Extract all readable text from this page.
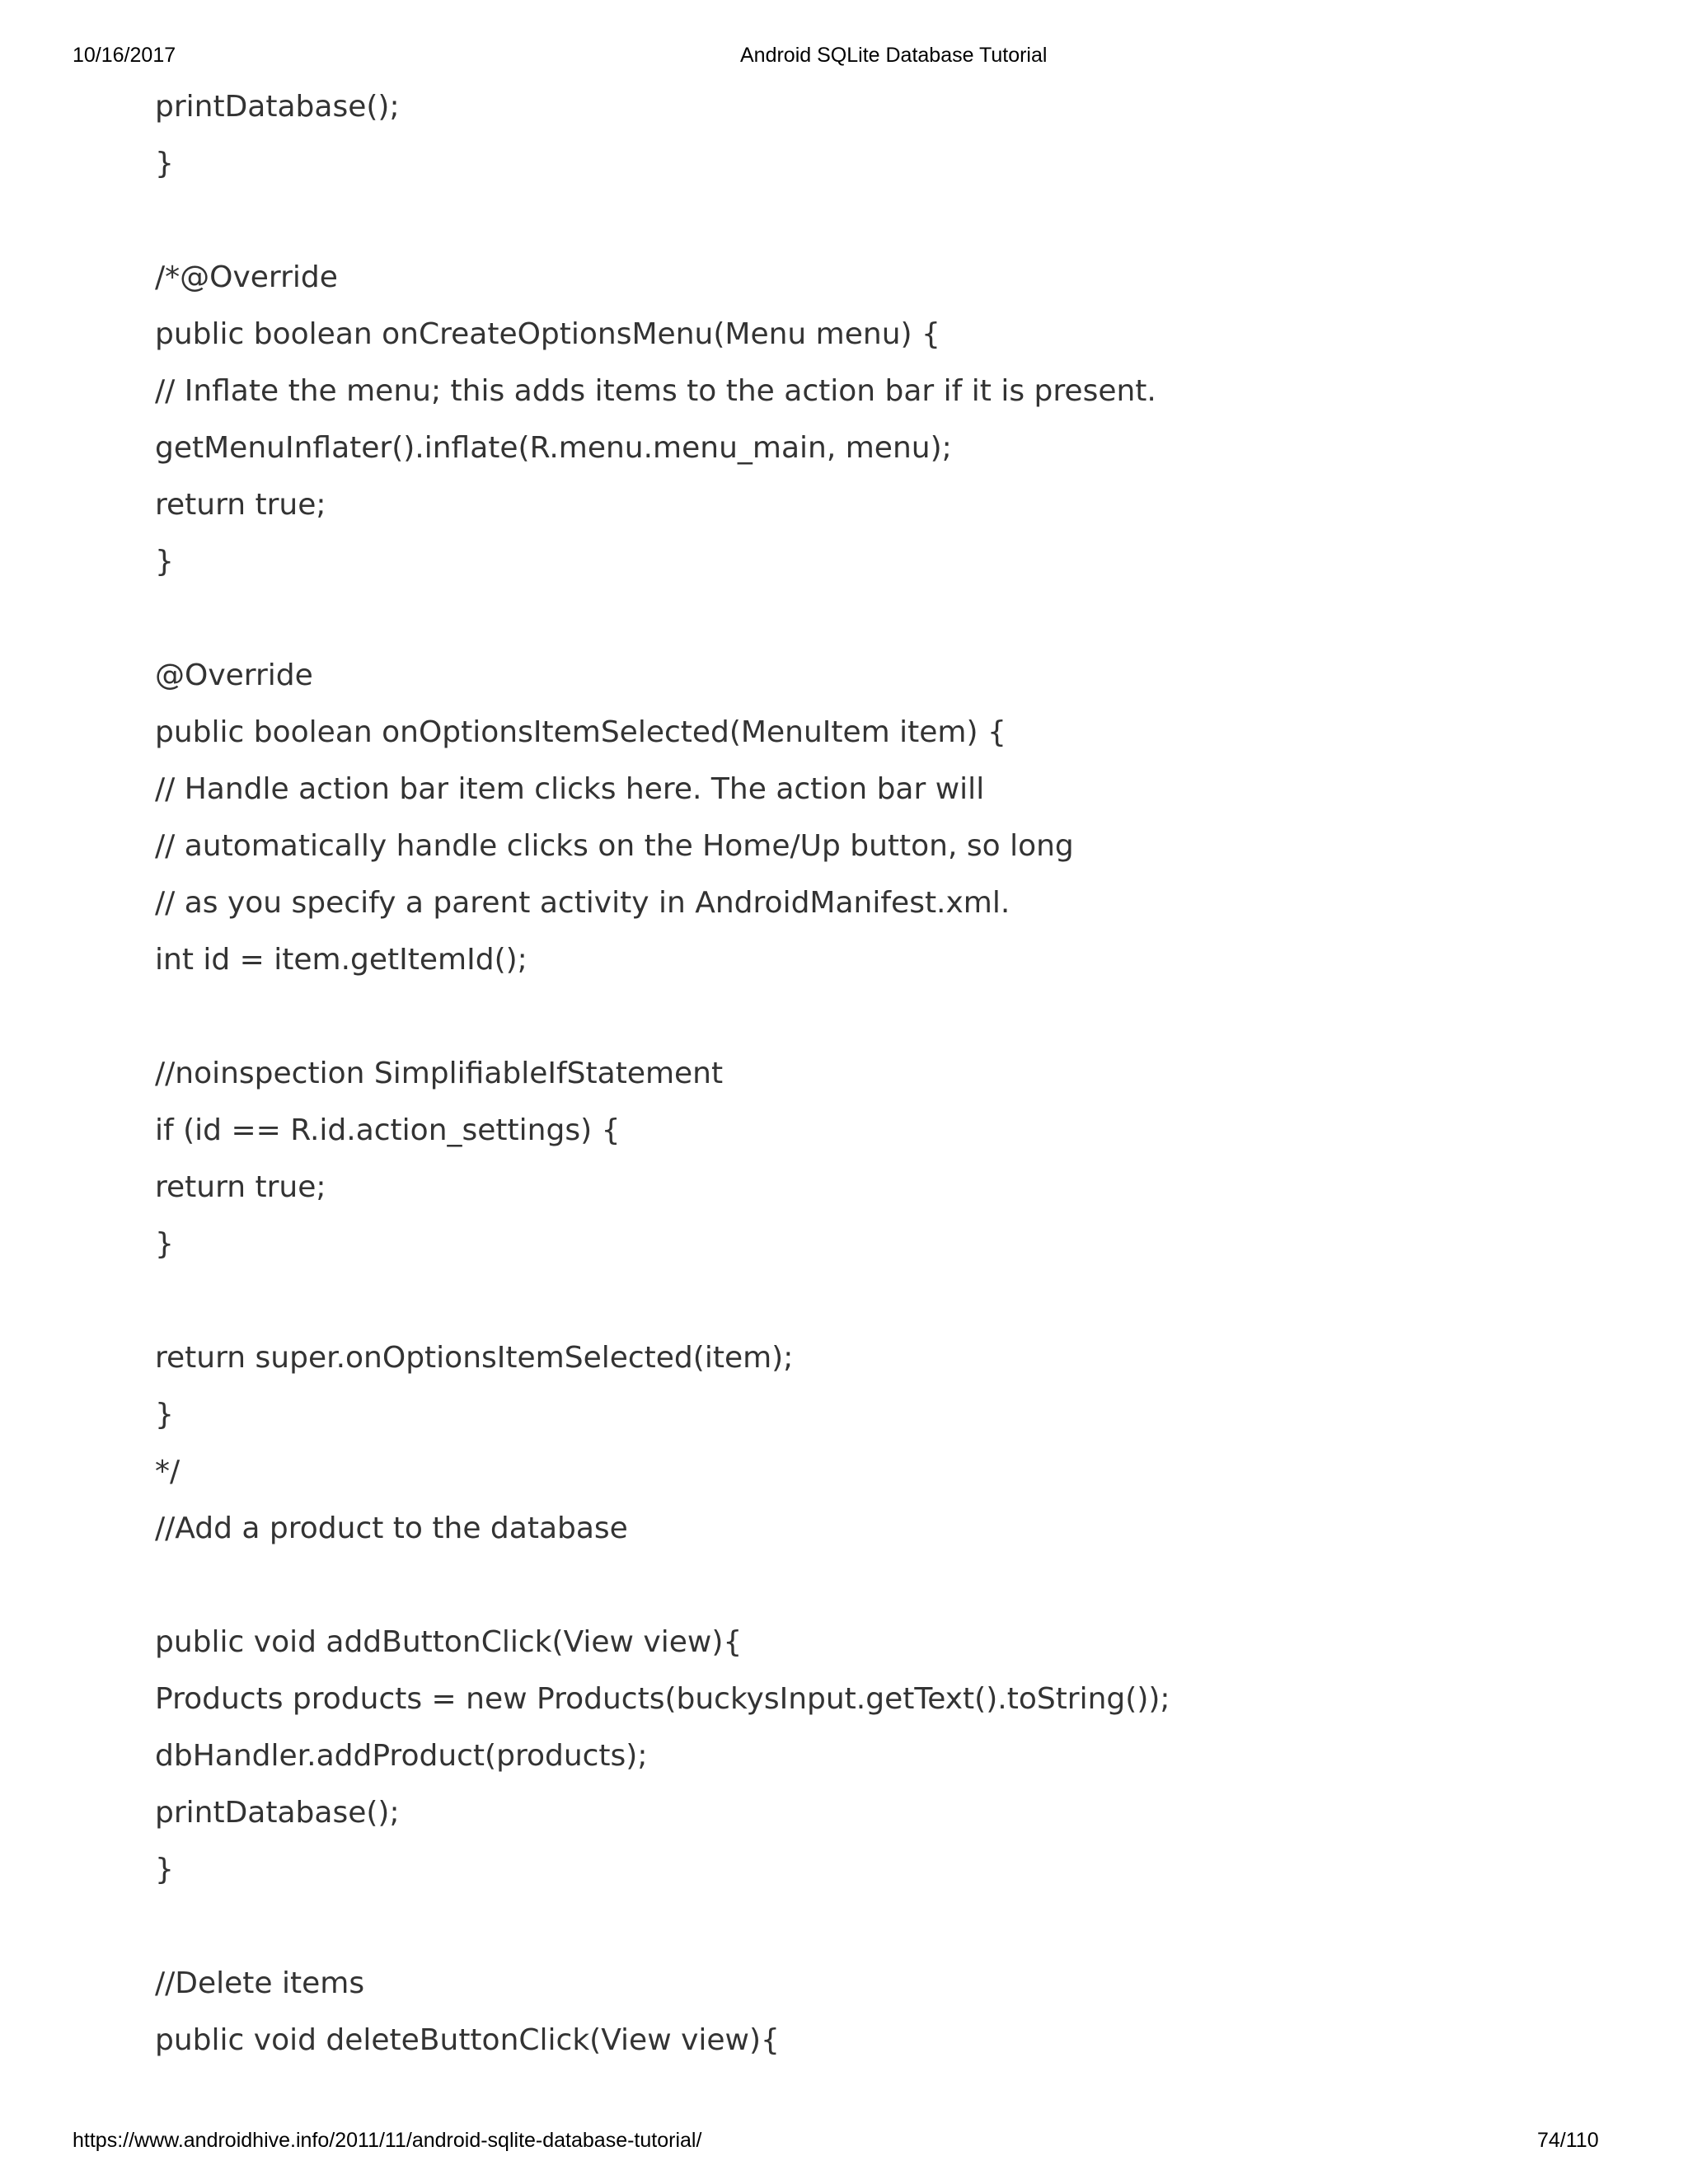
10/16/2017	Android SQLite Database Tutorial
printDatabase();
}
/*@Override
public boolean onCreateOptionsMenu(Menu menu) {
// Inflate the menu; this adds items to the action bar if it is present.
getMenuInflater().inflate(R.menu.menu_main, menu);
return true;
}
@Override
public boolean onOptionsItemSelected(MenuItem item) {
// Handle action bar item clicks here. The action bar will
// automatically handle clicks on the Home/Up button, so long
// as you specify a parent activity in AndroidManifest.xml.
int id = item.getItemId();
//noinspection SimplifiableIfStatement
if (id == R.id.action_settings) {
return true;
}
return super.onOptionsItemSelected(item);
}
*/
//Add a product to the database
public void addButtonClick(View view){
Products products = new Products(buckysInput.getText().toString());
dbHandler.addProduct(products);
printDatabase();
}
//Delete items
public void deleteButtonClick(View view){
https://www.androidhive.info/2011/11/android-sqlite-database-tutorial/	74/110
